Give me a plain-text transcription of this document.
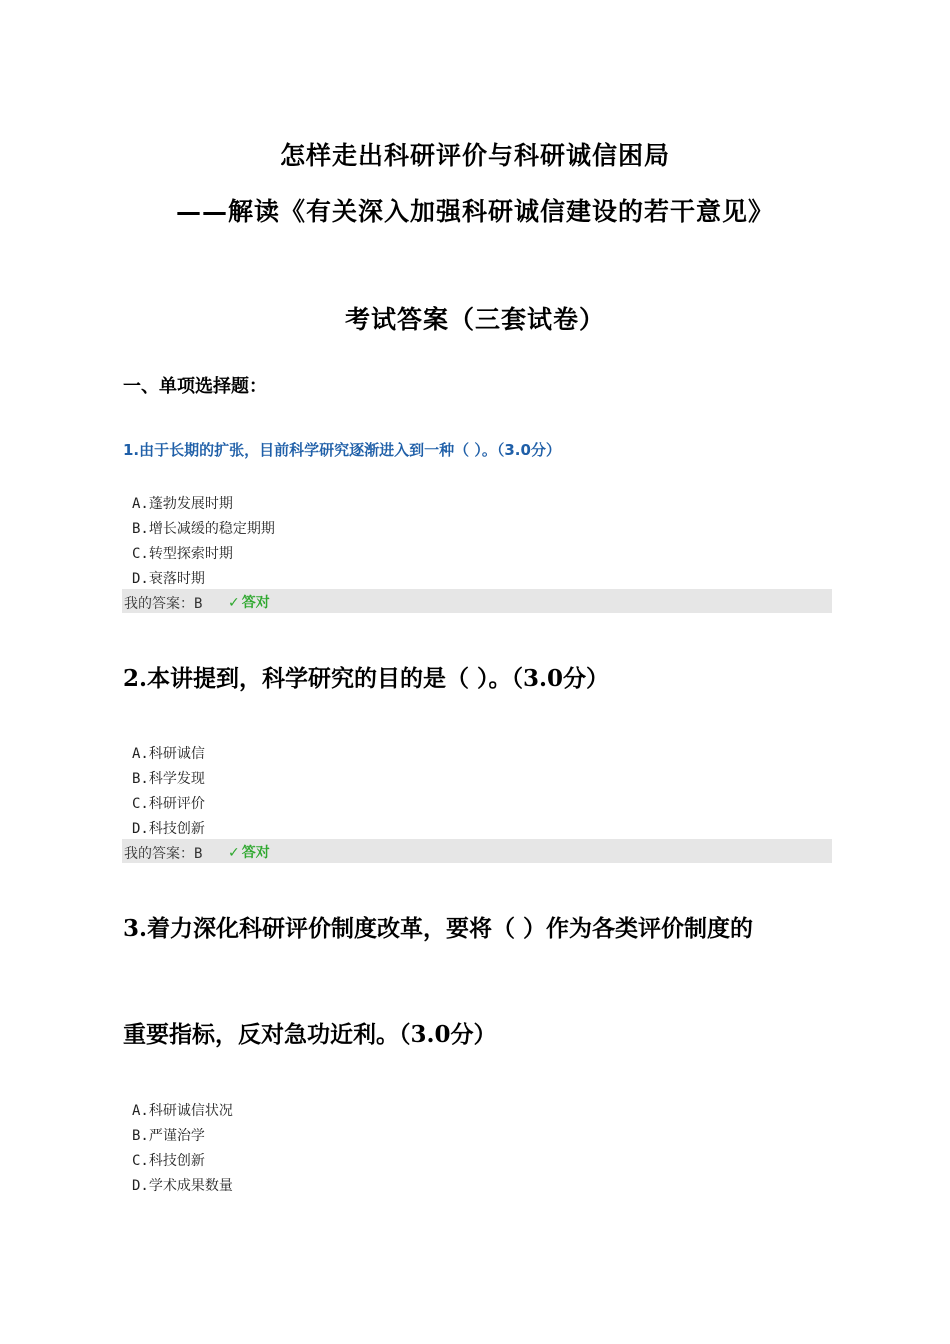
怎样走出科研评价与科研诚信困局
——解读《有关深入加强科研诚信建设的若干意见》
考试答案（三套试卷）
一、单项选择题：
1.由于长期的扩张，目前科学研究逐渐进入到一种（ ）。（3.0分）
A.蓬勃发展时期
B.增长减缓的稳定期期
C.转型探索时期
D.衰落时期
我的答案：B ✓ 答对
2.本讲提到，科学研究的目的是（ ）。（3.0分）
A.科研诚信
B.科学发现
C.科研评价
D.科技创新
我的答案：B ✓ 答对
3.着力深化科研评价制度改革，要将（ ）作为各类评价制度的
重要指标，反对急功近利。（3.0分）
A.科研诚信状况
B.严谨治学
C.科技创新
D.学术成果数量
